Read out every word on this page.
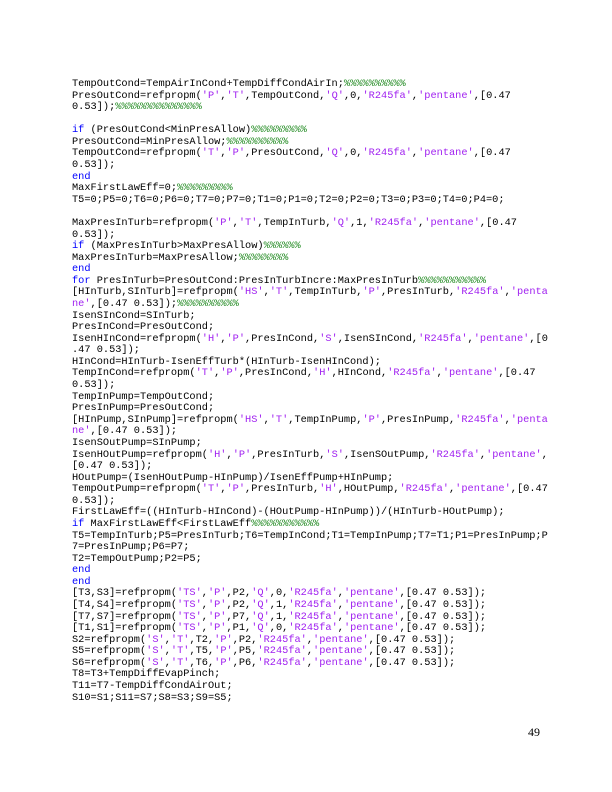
TempOutCond=TempAirInCond+TempDiffCondAirIn;%%%%%%%%%%
PresOutCond=refpropm('P','T',TempOutCond,'Q',0,'R245fa','pentane',[0.47
0.53]);%%%%%%%%%%%%%%
if (PresOutCond<MinPresAllow)%%%%%%%%%
PresOutCond=MinPresAllow;%%%%%%%%%%
TempOutCond=refpropm('T','P',PresOutCond,'Q',0,'R245fa','pentane',[0.47
0.53]);
end
MaxFirstLawEff=0;%%%%%%%%%
T5=0;P5=0;T6=0;P6=0;T7=0;P7=0;T1=0;P1=0;T2=0;P2=0;T3=0;P3=0;T4=0;P4=0;
MaxPresInTurb=refpropm('P','T',TempInTurb,'Q',1,'R245fa','pentane',[0.47
0.53]);
if (MaxPresInTurb>MaxPresAllow)%%%%%%
MaxPresInTurb=MaxPresAllow;%%%%%%%%
end
for PresInTurb=PresOutCond:PresInTurbIncre:MaxPresInTurb%%%%%%%%%%%
[HInTurb,SInTurb]=refpropm('HS','T',TempInTurb,'P',PresInTurb,'R245fa','penta
ne',[0.47 0.53]);%%%%%%%%%%
IsenSInCond=SInTurb;
PresInCond=PresOutCond;
IsenHInCond=refpropm('H','P',PresInCond,'S',IsenSInCond,'R245fa','pentane',[0
.47 0.53]);
HInCond=HInTurb-IsenEffTurb*(HInTurb-IsenHInCond);
TempInCond=refpropm('T','P',PresInCond,'H',HInCond,'R245fa','pentane',[0.47
0.53]);
TempInPump=TempOutCond;
PresInPump=PresOutCond;
[HInPump,SInPump]=refpropm('HS','T',TempInPump,'P',PresInPump,'R245fa','penta
ne',[0.47 0.53]);
IsenSOutPump=SInPump;
IsenHOutPump=refpropm('H','P',PresInTurb,'S',IsenSOutPump,'R245fa','pentane',
[0.47 0.53]);
HOutPump=(IsenHOutPump-HInPump)/IsenEffPump+HInPump;
TempOutPump=refpropm('T','P',PresInTurb,'H',HOutPump,'R245fa','pentane',[0.47
0.53]);
FirstLawEff=((HInTurb-HInCond)-(HOutPump-HInPump))/(HInTurb-HOutPump);
if MaxFirstLawEff<FirstLawEff%%%%%%%%%%%
T5=TempInTurb;P5=PresInTurb;T6=TempInCond;T1=TempInPump;T7=T1;P1=PresInPump;P
7=PresInPump;P6=P7;
T2=TempOutPump;P2=P5;
end
end
[T3,S3]=refpropm('TS','P',P2,'Q',0,'R245fa','pentane',[0.47 0.53]);
[T4,S4]=refpropm('TS','P',P2,'Q',1,'R245fa','pentane',[0.47 0.53]);
[T7,S7]=refpropm('TS','P',P7,'Q',1,'R245fa','pentane',[0.47 0.53]);
[T1,S1]=refpropm('TS','P',P1,'Q',0,'R245fa','pentane',[0.47 0.53]);
S2=refpropm('S','T',T2,'P',P2,'R245fa','pentane',[0.47 0.53]);
S5=refpropm('S','T',T5,'P',P5,'R245fa','pentane',[0.47 0.53]);
S6=refpropm('S','T',T6,'P',P6,'R245fa','pentane',[0.47 0.53]);
T8=T3+TempDiffEvapPinch;
T11=T7-TempDiffCondAirOut;
S10=S1;S11=S7;S8=S3;S9=S5;
49
